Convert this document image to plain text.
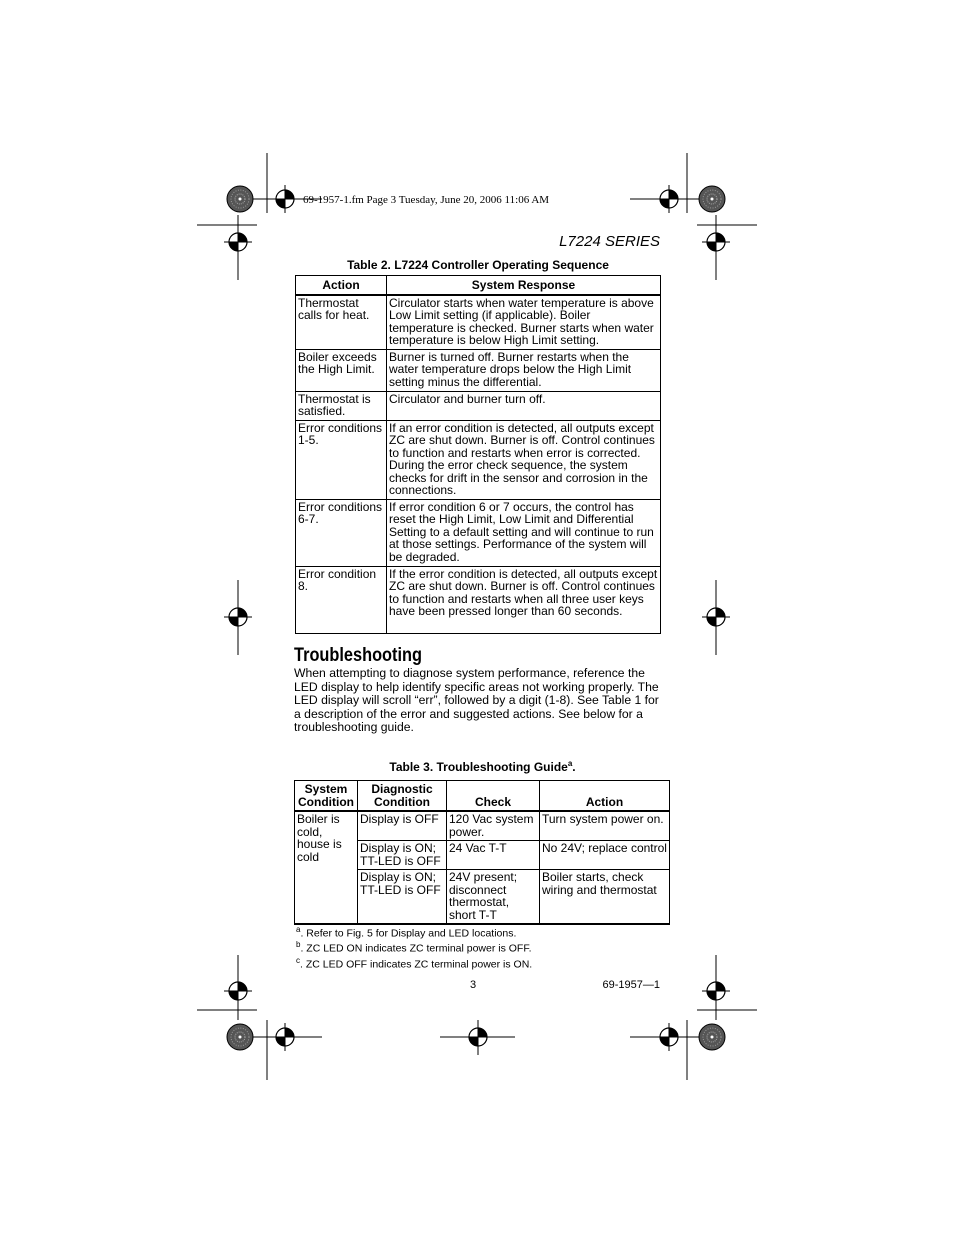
69-1957-1.fm Page 3 Tuesday, June 20, 2006 11:06 AM
L7224 SERIES
Table 2. L7224 Controller Operating Sequence
Action	System Response
Thermostat calls for heat.	Circulator starts when water temperature is above Low Limit setting (if applicable). Boiler temperature is checked. Burner starts when water temperature is below High Limit setting.
Boiler exceeds the High Limit.	Burner is turned off. Burner restarts when the water temperature drops below the High Limit setting minus the differential.
Thermostat is satisfied.	Circulator and burner turn off.
Error conditions 1-5.	If an error condition is detected, all outputs except ZC are shut down. Burner is off. Control continues to function and restarts when error is corrected. During the error check sequence, the system checks for drift in the sensor and corrosion in the connections.
Error conditions 6-7.	If error condition 6 or 7 occurs, the control has reset the High Limit, Low Limit and Differential Setting to a default setting and will continue to run at those settings. Performance of the system will be degraded.
Error condition 8.	If the error condition is detected, all outputs except ZC are shut down. Burner is off. Control continues to function and restarts when all three user keys have been pressed longer than 60 seconds.
Troubleshooting
When attempting to diagnose system performance, reference the LED display to help identify specific areas not working properly. The LED display will scroll “err”, followed by a digit (1-8). See Table 1 for a description of the error and suggested actions. See below for a troubleshooting guide.
Table 3. Troubleshooting Guide$^a$.
System Condition	Diagnostic Condition	Check	Action
Boiler is cold, house is cold	Display is OFF	120 Vac system power.	Turn system power on.
	Display is ON; TT-LED is OFF	24 Vac T-T	No 24V; replace control
	Display is ON; TT-LED is OFF	24V present; disconnect thermostat, short T-T	Boiler starts, check wiring and thermostat
$^a$. Refer to Fig. 5 for Display and LED locations.
$^b$. ZC LED ON indicates ZC terminal power is OFF.
$^c$. ZC LED OFF indicates ZC terminal power is ON.
3	69-1957—1
